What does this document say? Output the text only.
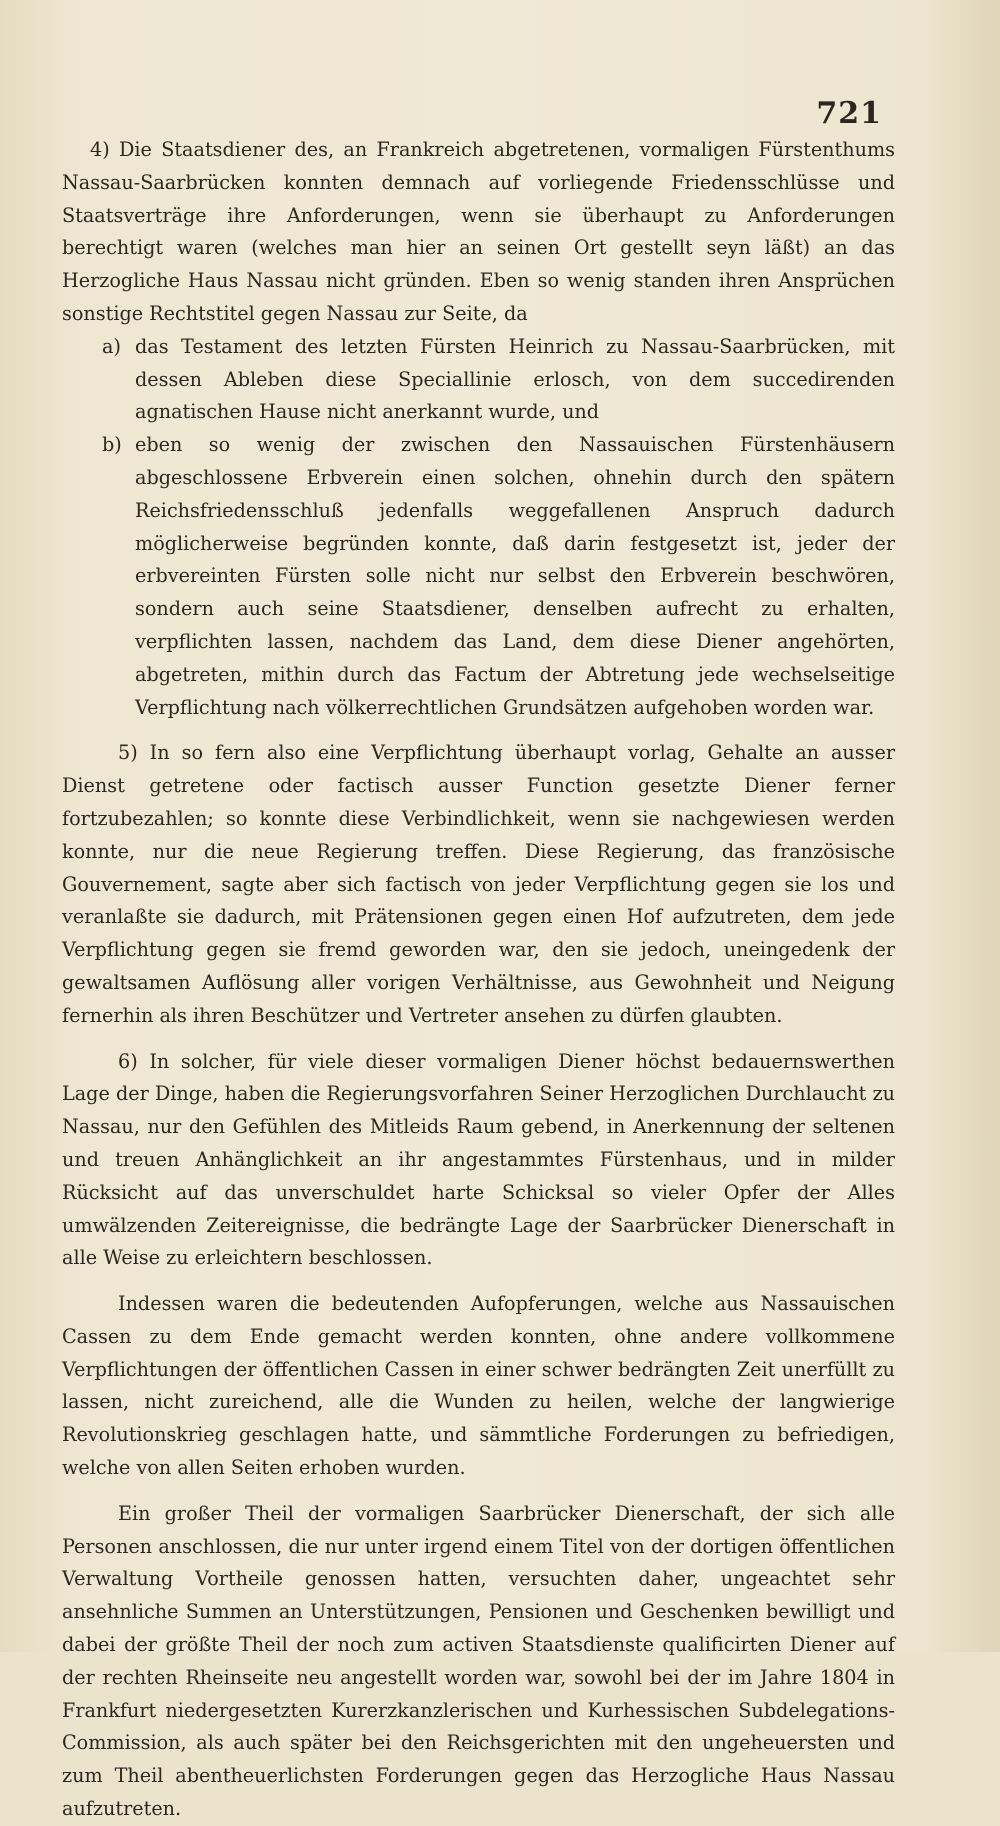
721

4) Die Staatsdiener des, an Frankreich abgetretenen, vormaligen Fürstenthums Nassau-Saarbrücken konnten demnach auf vorliegende Friedensschlüsse und Staatsverträge ihre Anforderungen, wenn sie überhaupt zu Anforderungen berechtigt waren (welches man hier an seinen Ort gestellt seyn läßt) an das Herzogliche Haus Nassau nicht gründen. Eben so wenig standen ihren Ansprüchen sonstige Rechtstitel gegen Nassau zur Seite, da

a) das Testament des letzten Fürsten Heinrich zu Nassau-Saarbrücken, mit dessen Ableben diese Speciallinie erlosch, von dem succedirenden agnatischen Hause nicht anerkannt wurde, und
b) eben so wenig der zwischen den Nassauischen Fürstenhäusern abgeschlossene Erbverein einen solchen, ohnehin durch den spätern Reichsfriedensschluß jedenfalls weggefallenen Anspruch dadurch möglicherweise begründen konnte, daß darin festgesetzt ist, jeder der erbvereinten Fürsten solle nicht nur selbst den Erbverein beschwören, sondern auch seine Staatsdiener, denselben aufrecht zu erhalten, verpflichten lassen, nachdem das Land, dem diese Diener angehörten, abgetreten, mithin durch das Factum der Abtretung jede wechselseitige Verpflichtung nach völkerrechtlichen Grundsätzen aufgehoben worden war.

5) In so fern also eine Verpflichtung überhaupt vorlag, Gehalte an ausser Dienst getretene oder factisch ausser Function gesetzte Diener ferner fortzubezahlen; so konnte diese Verbindlichkeit, wenn sie nachgewiesen werden konnte, nur die neue Regierung treffen. Diese Regierung, das französische Gouvernement, sagte aber sich factisch von jeder Verpflichtung gegen sie los und veranlaßte sie dadurch, mit Prätensionen gegen einen Hof aufzutreten, dem jede Verpflichtung gegen sie fremd geworden war, den sie jedoch, uneingedenk der gewaltsamen Auflösung aller vorigen Verhältnisse, aus Gewohnheit und Neigung fernerhin als ihren Beschützer und Vertreter ansehen zu dürfen glaubten.

6) In solcher, für viele dieser vormaligen Diener höchst bedauernswerthen Lage der Dinge, haben die Regierungsvorfahren Seiner Herzoglichen Durchlaucht zu Nassau, nur den Gefühlen des Mitleids Raum gebend, in Anerkennung der seltenen und treuen Anhänglichkeit an ihr angestammtes Fürstenhaus, und in milder Rücksicht auf das unverschuldet harte Schicksal so vieler Opfer der Alles umwälzenden Zeitereignisse, die bedrängte Lage der Saarbrücker Dienerschaft in alle Weise zu erleichtern beschlossen.

Indessen waren die bedeutenden Aufopferungen, welche aus Nassauischen Cassen zu dem Ende gemacht werden konnten, ohne andere vollkommene Verpflichtungen der öffentlichen Cassen in einer schwer bedrängten Zeit unerfüllt zu lassen, nicht zureichend, alle die Wunden zu heilen, welche der langwierige Revolutionskrieg geschlagen hatte, und sämmtliche Forderungen zu befriedigen, welche von allen Seiten erhoben wurden.

Ein großer Theil der vormaligen Saarbrücker Dienerschaft, der sich alle Personen anschlossen, die nur unter irgend einem Titel von der dortigen öffentlichen Verwaltung Vortheile genossen hatten, versuchten daher, ungeachtet sehr ansehnliche Summen an Unterstützungen, Pensionen und Geschenken bewilligt und dabei der größte Theil der noch zum activen Staatsdienste qualificirten Diener auf der rechten Rheinseite neu angestellt worden war, sowohl bei der im Jahre 1804 in Frankfurt niedergesetzten Kurerzkanzlerischen und Kurhessischen Subdelegations-Commission, als auch später bei den Reichsgerichten mit den ungeheuersten und zum Theil abentheuerlichsten Forderungen gegen das Herzogliche Haus Nassau aufzutreten.
